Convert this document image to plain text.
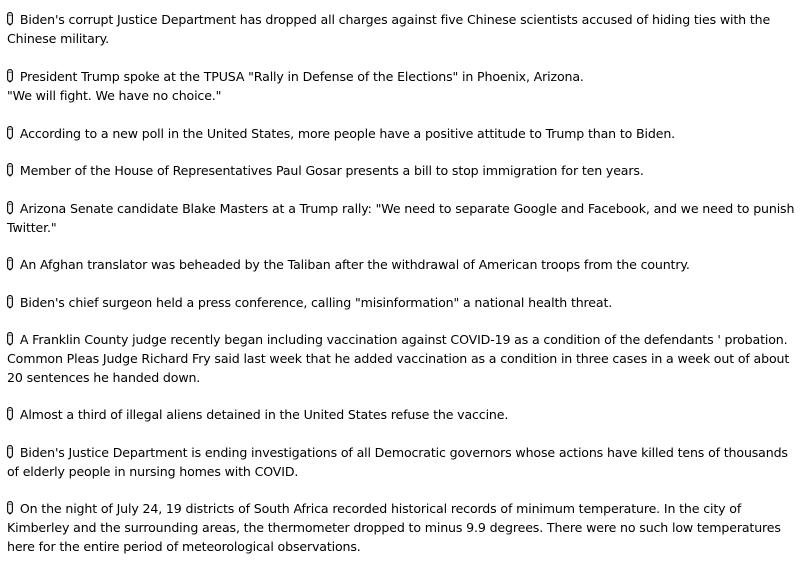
Biden's corrupt Justice Department has dropped all charges against five Chinese scientists accused of hiding ties with the Chinese military.
President Trump spoke at the TPUSA "Rally in Defense of the Elections" in Phoenix, Arizona.
"We will fight. We have no choice."
According to a new poll in the United States, more people have a positive attitude to Trump than to Biden.
Member of the House of Representatives Paul Gosar presents a bill to stop immigration for ten years.
Arizona Senate candidate Blake Masters at a Trump rally: "We need to separate Google and Facebook, and we need to punish Twitter."
An Afghan translator was beheaded by the Taliban after the withdrawal of American troops from the country.
Biden's chief surgeon held a press conference, calling "misinformation" a national health threat.
A Franklin County judge recently began including vaccination against COVID-19 as a condition of the defendants ' probation. Common Pleas Judge Richard Fry said last week that he added vaccination as a condition in three cases in a week out of about 20 sentences he handed down.
Almost a third of illegal aliens detained in the United States refuse the vaccine.
Biden's Justice Department is ending investigations of all Democratic governors whose actions have killed tens of thousands of elderly people in nursing homes with COVID.
On the night of July 24, 19 districts of South Africa recorded historical records of minimum temperature. In the city of Kimberley and the surrounding areas, the thermometer dropped to minus 9.9 degrees. There were no such low temperatures here for the entire period of meteorological observations.
